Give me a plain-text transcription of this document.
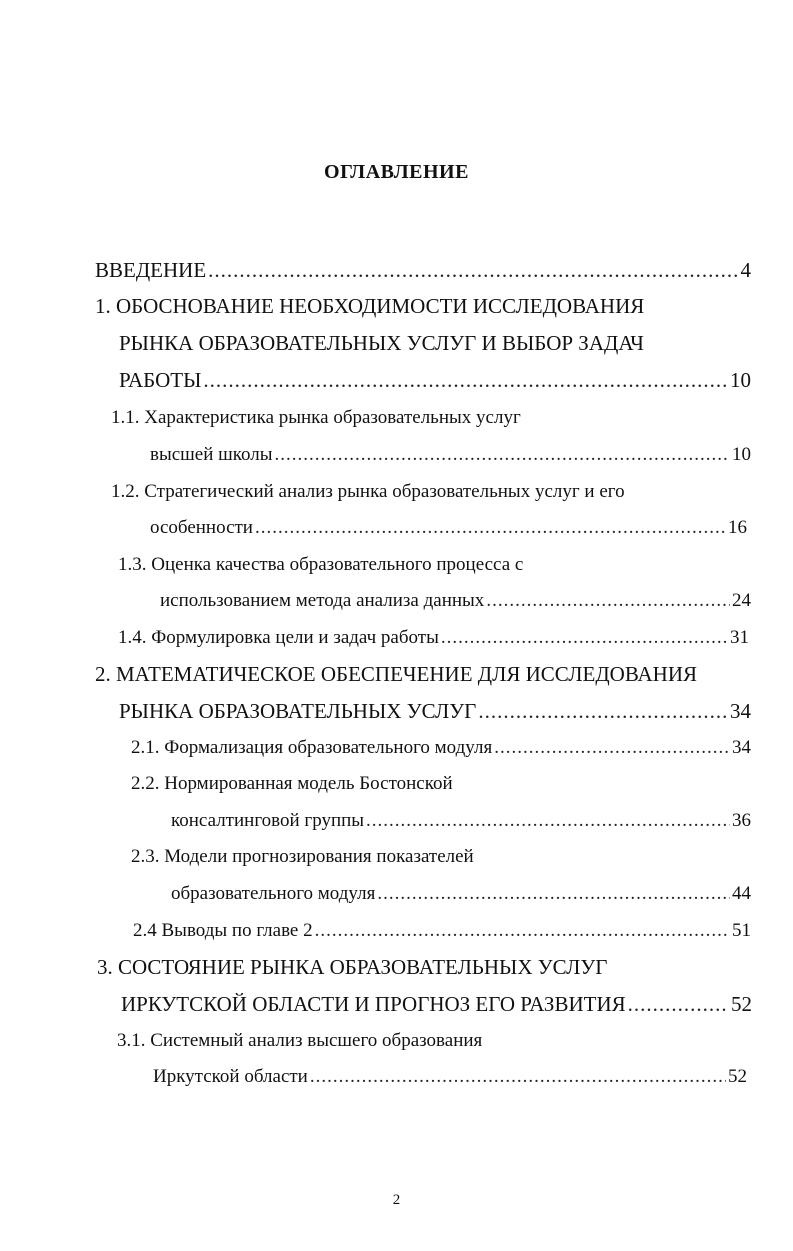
ОГЛАВЛЕНИЕ
ВВЕДЕНИЕ .....	4
1. ОБОСНОВАНИЕ НЕОБХОДИМОСТИ ИССЛЕДОВАНИЯ
РЫНКА ОБРАЗОВАТЕЛЬНЫХ УСЛУГ И ВЫБОР ЗАДАЧ
РАБОТЫ .....	10
1.1. Характеристика рынка образовательных услуг
высшей школы .....	10
1.2. Стратегический анализ рынка образовательных услуг и его
особенности .....	16
1.3. Оценка качества образовательного процесса с
использованием метода анализа данных .....	24
1.4. Формулировка цели и задач работы .....	31
2. МАТЕМАТИЧЕСКОЕ ОБЕСПЕЧЕНИЕ ДЛЯ ИССЛЕДОВАНИЯ
РЫНКА ОБРАЗОВАТЕЛЬНЫХ УСЛУГ .....	34
2.1. Формализация образовательного модуля .....	34
2.2. Нормированная модель Бостонской
консалтинговой группы .....	36
2.3. Модели прогнозирования показателей
образовательного модуля .....	44
2.4 Выводы по главе 2 .....	51
3. СОСТОЯНИЕ РЫНКА ОБРАЗОВАТЕЛЬНЫХ УСЛУГ
ИРКУТСКОЙ ОБЛАСТИ И ПРОГНОЗ ЕГО РАЗВИТИЯ .....	52
3.1. Системный анализ высшего образования
Иркутской области .....	52
2
